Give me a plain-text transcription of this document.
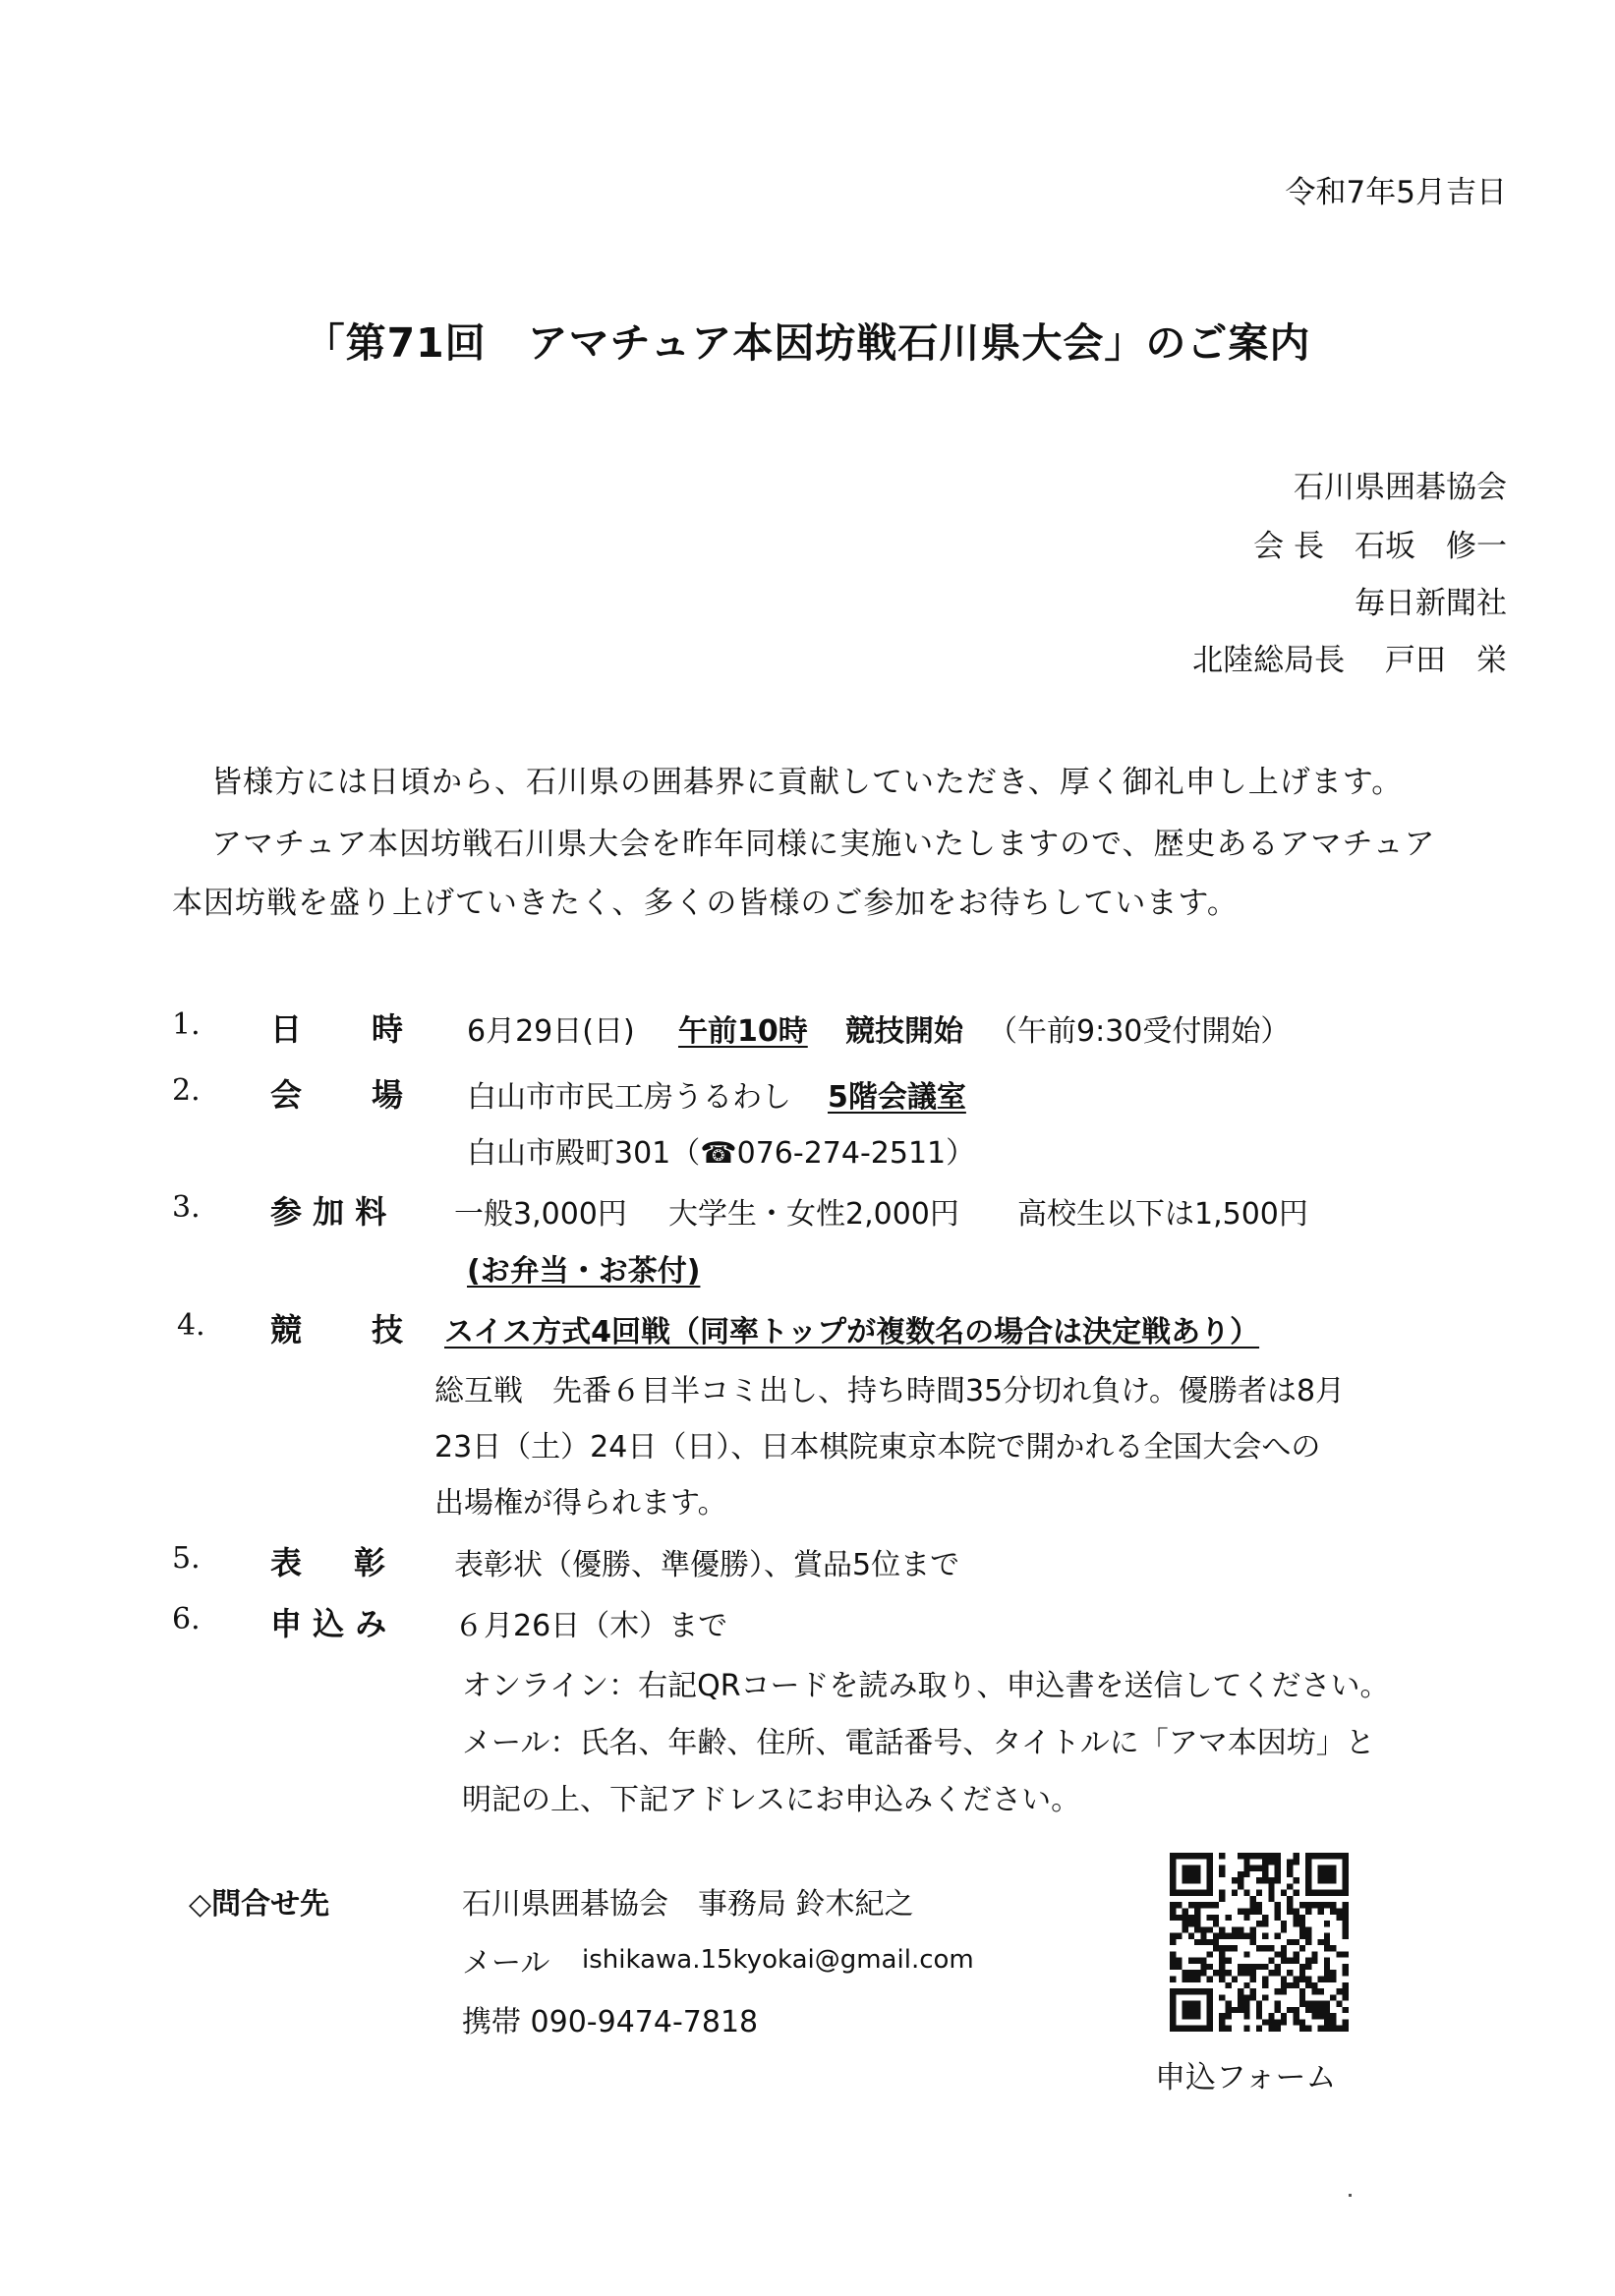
令和7年5月吉日
「第71回　アマチュア本因坊戦石川県大会」のご案内
石川県囲碁協会
会 長　石坂　修一
毎日新聞社
北陸総局長　 戸田　栄
皆様方には日頃から、石川県の囲碁界に貢献していただき、厚く御礼申し上げます。
アマチュア本因坊戦石川県大会を昨年同様に実施いたしますので、歴史あるアマチュア
本因坊戦を盛り上げていきたく、多くの皆様のご参加をお待ちしています。
1. 日 時 6月29日(日) 午前10時 競技開始 （午前9:30受付開始）
2. 会 場 白山市市民工房うるわし 5階会議室
白山市殿町301（☎076-274-2511）
3. 参 加 料 一般3,000円 大学生・女性2,000円 高校生以下は1,500円
(お弁当・お茶付)
4. 競 技 スイス方式4回戦（同率トップが複数名の場合は決定戦あり）
総互戦　先番６目半コミ出し、持ち時間35分切れ負け。優勝者は8月
23日（土）24日（日）、日本棋院東京本院で開かれる全国大会への
出場権が得られます。
5. 表 彰 表彰状（優勝、準優勝）、賞品5位まで
6. 申 込 み ６月26日（木）まで
オンライン：右記QRコードを読み取り、申込書を送信してください。
メール：氏名、年齢、住所、電話番号、タイトルに「アマ本因坊」と
明記の上、下記アドレスにお申込みください。
◇問合せ先	石川県囲碁協会　事務局 鈴木紀之
メール ishikawa.15kyokai@gmail.com
携帯 090-9474-7818
申込フォーム
